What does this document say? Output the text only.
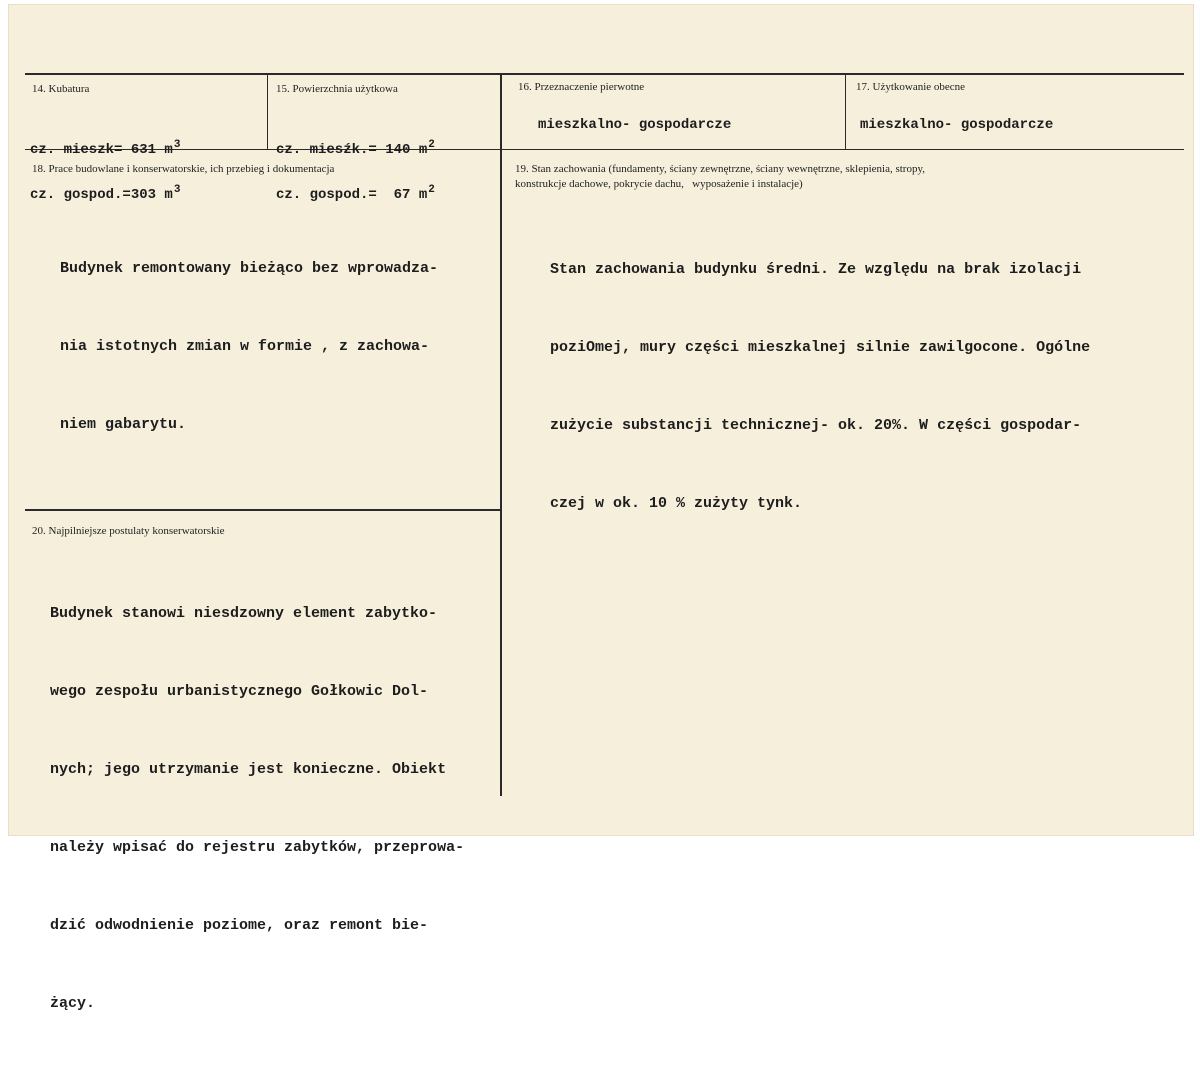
14. Kubatura

cz. mieszk= 631 $m^3$

cz. gospod.=303 $m^3$

15. Powierzchnia użytkowa

cz. miesźk.= 140 $m^2$

cz. gospod.=  67 $m^2$

16. Przeznaczenie pierwotne
mieszkalno- gospodarcze
17. Użytkowanie obecne
mieszkalno- gospodarcze
18. Prace budowlane i konserwatorskie, ich przebieg i dokumentacja

Budynek remontowany bieżąco bez wprowadza-

nia istotnych zmian w formie , z zachowa-

niem gabarytu.

19. Stan zachowania (fundamenty, ściany zewnętrzne, ściany wewnętrzne, sklepienia, stropy,
konstrukcje dachowe, pokrycie dachu,   wyposażenie i instalacje)

Stan zachowania budynku średni. Ze względu na brak izolacji

poziOmej, mury części mieszkalnej silnie zawilgocone. Ogólne

zużycie substancji technicznej- ok. 20%. W części gospodar-

czej w ok. 10 % zużyty tynk.

20. Najpilniejsze postulaty konserwatorskie

Budynek stanowi niesdzowny element zabytko-

wego zespołu urbanistycznego Gołkowic Dol-

nych; jego utrzymanie jest konieczne. Obiekt

należy wpisać do rejestru zabytków, przeprowa-

dzić odwodnienie poziome, oraz remont bie-

żący.
